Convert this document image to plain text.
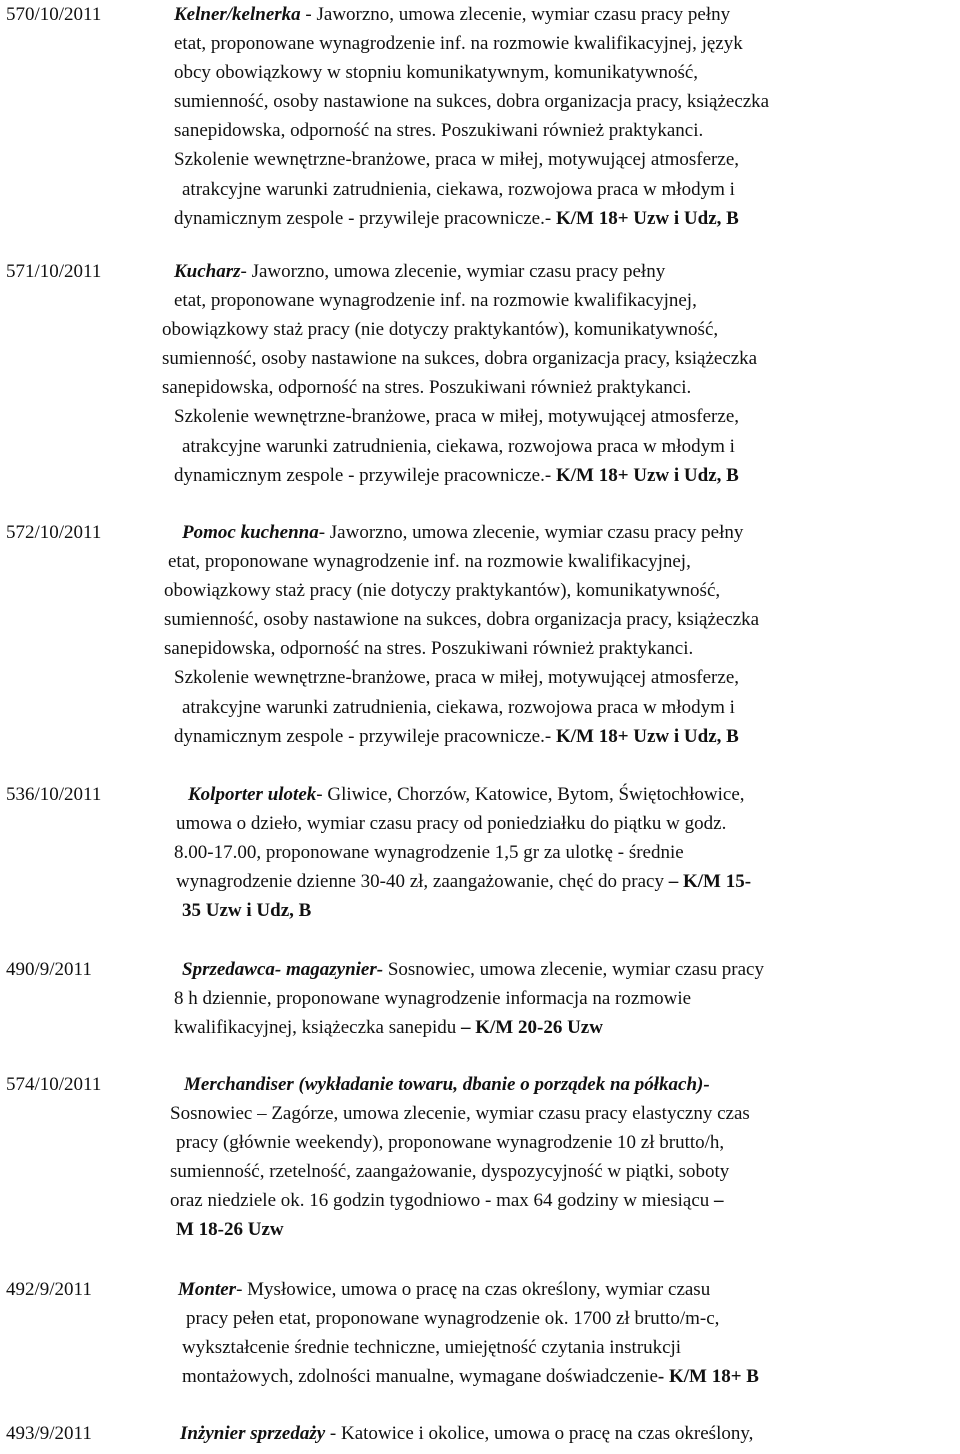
570/10/2011	Kelner/kelnerka - Jaworzno, umowa zlecenie, wymiar czasu pracy pełny
etat, proponowane wynagrodzenie inf. na rozmowie kwalifikacyjnej, język
obcy obowiązkowy w stopniu komunikatywnym, komunikatywność,
sumienność, osoby nastawione na sukces, dobra organizacja pracy, książeczka
sanepidowska, odporność na stres. Poszukiwani również praktykanci.
Szkolenie wewnętrzne-branżowe, praca w miłej, motywującej atmosferze,
atrakcyjne warunki zatrudnienia, ciekawa, rozwojowa praca w młodym i
dynamicznym zespole - przywileje pracownicze.- K/M 18+ Uzw i Udz, B
571/10/2011	Kucharz- Jaworzno, umowa zlecenie, wymiar czasu pracy pełny
etat, proponowane wynagrodzenie inf. na rozmowie kwalifikacyjnej,
obowiązkowy staż pracy (nie dotyczy praktykantów), komunikatywność,
sumienność, osoby nastawione na sukces, dobra organizacja pracy, książeczka
sanepidowska, odporność na stres. Poszukiwani również praktykanci.
Szkolenie wewnętrzne-branżowe, praca w miłej, motywującej atmosferze,
atrakcyjne warunki zatrudnienia, ciekawa, rozwojowa praca w młodym i
dynamicznym zespole - przywileje pracownicze.- K/M 18+ Uzw i Udz, B
572/10/2011	Pomoc kuchenna- Jaworzno, umowa zlecenie, wymiar czasu pracy pełny
etat, proponowane wynagrodzenie inf. na rozmowie kwalifikacyjnej,
obowiązkowy staż pracy (nie dotyczy praktykantów), komunikatywność,
sumienność, osoby nastawione na sukces, dobra organizacja pracy, książeczka
sanepidowska, odporność na stres. Poszukiwani również praktykanci.
Szkolenie wewnętrzne-branżowe, praca w miłej, motywującej atmosferze,
atrakcyjne warunki zatrudnienia, ciekawa, rozwojowa praca w młodym i
dynamicznym zespole - przywileje pracownicze.- K/M 18+ Uzw i Udz, B
536/10/2011	Kolporter ulotek- Gliwice, Chorzów, Katowice, Bytom, Świętochłowice,
umowa o dzieło, wymiar czasu pracy od poniedziałku do piątku w godz.
8.00-17.00, proponowane wynagrodzenie 1,5 gr za ulotkę - średnie
wynagrodzenie dzienne 30-40 zł, zaangażowanie, chęć do pracy – K/M 15-
35 Uzw i Udz, B
490/9/2011	Sprzedawca- magazynier- Sosnowiec, umowa zlecenie, wymiar czasu pracy
8 h dziennie, proponowane wynagrodzenie informacja na rozmowie
kwalifikacyjnej, książeczka sanepidu – K/M 20-26 Uzw
574/10/2011	Merchandiser (wykładanie towaru, dbanie o porządek na półkach)-
Sosnowiec – Zagórze, umowa zlecenie, wymiar czasu pracy elastyczny czas
pracy (głównie weekendy), proponowane wynagrodzenie 10 zł brutto/h,
sumienność, rzetelność, zaangażowanie, dyspozycyjność w piątki, soboty
oraz niedziele ok. 16 godzin tygodniowo - max 64 godziny w miesiącu –
M 18-26 Uzw
492/9/2011	Monter- Mysłowice, umowa o pracę na czas określony, wymiar czasu
pracy pełen etat, proponowane wynagrodzenie ok. 1700 zł brutto/m-c,
wykształcenie średnie techniczne, umiejętność czytania instrukcji
montażowych, zdolności manualne, wymagane doświadczenie- K/M 18+ B
493/9/2011	Inżynier sprzedaży - Katowice i okolice, umowa o pracę na czas określony,
